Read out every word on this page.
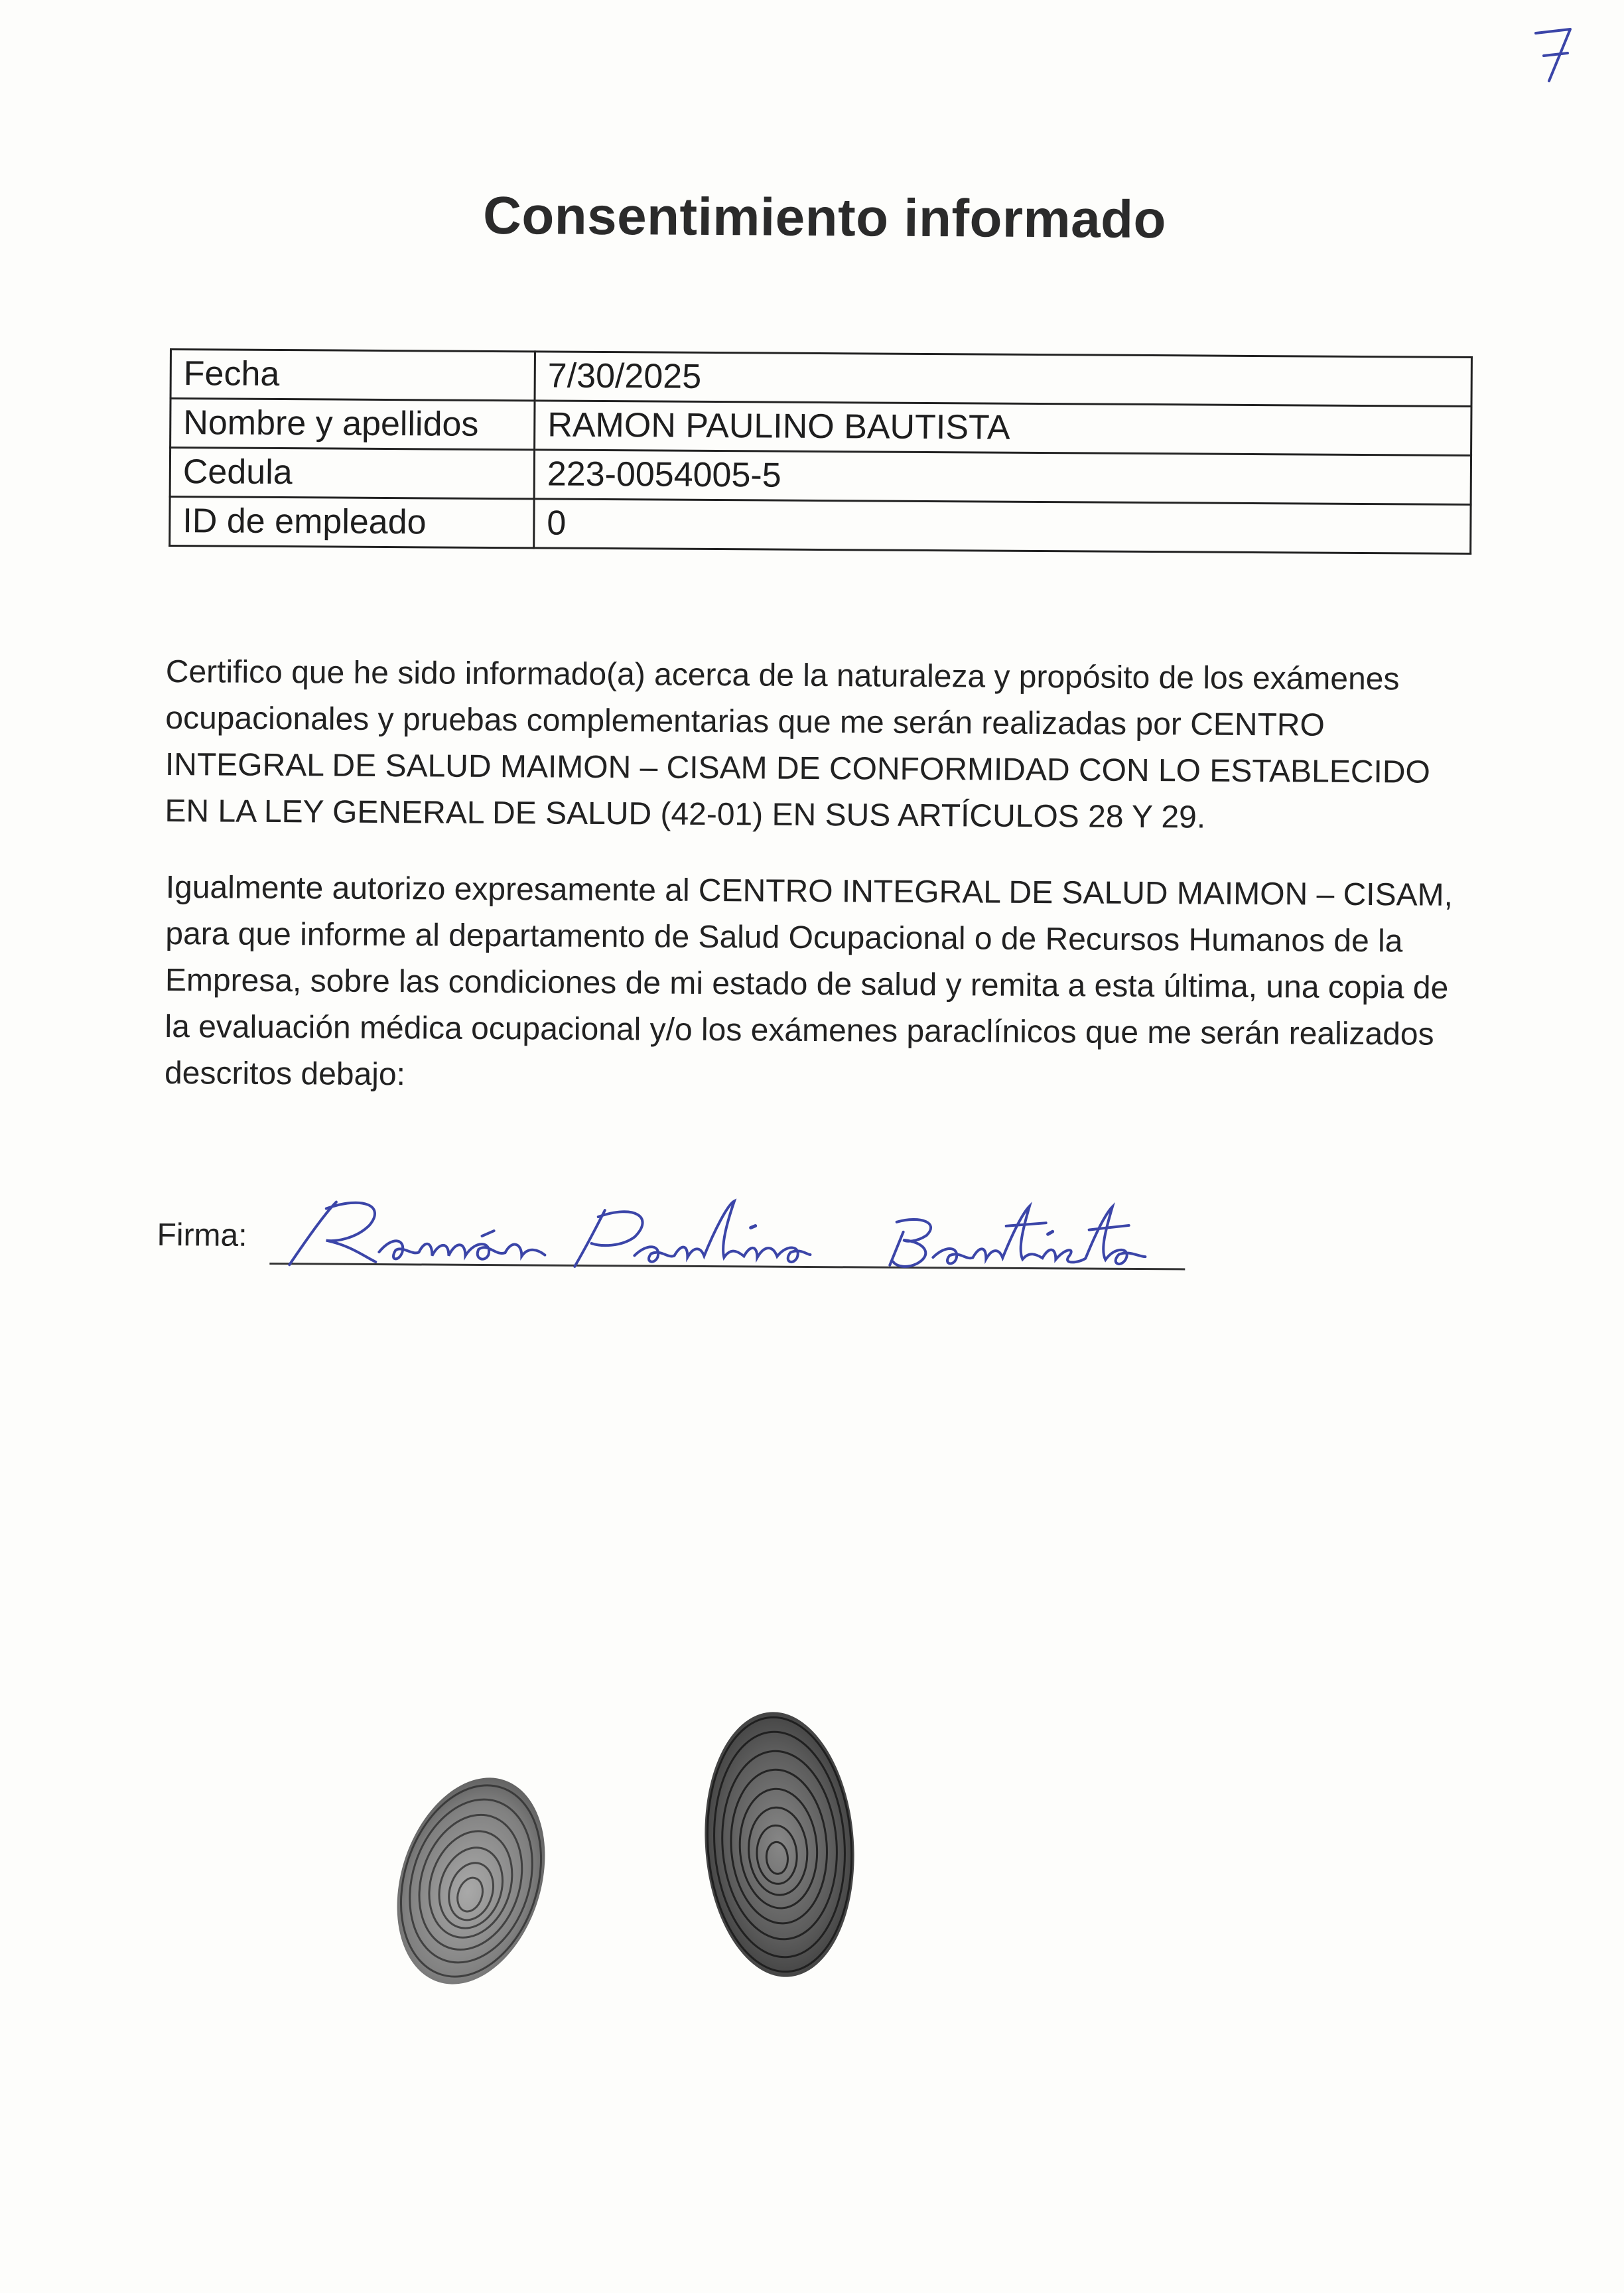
Consentimiento informado
Fecha	7/30/2025
Nombre y apellidos	RAMON PAULINO BAUTISTA
Cedula	223-0054005-5
ID de empleado	0

Certifico que he sido informado(a) acerca de la naturaleza y propósito de los exámenes ocupacionales y pruebas complementarias que me serán realizadas por CENTRO INTEGRAL DE SALUD MAIMON – CISAM DE CONFORMIDAD CON LO ESTABLECIDO EN LA LEY GENERAL DE SALUD (42-01) EN SUS ARTÍCULOS 28 Y 29.

Igualmente autorizo expresamente al CENTRO INTEGRAL DE SALUD MAIMON – CISAM, para que informe al departamento de Salud Ocupacional o de Recursos Humanos de la Empresa, sobre las condiciones de mi estado de salud y remita a esta última, una copia de la evaluación médica ocupacional y/o los exámenes paraclínicos que me serán realizados descritos debajo:

Firma:
